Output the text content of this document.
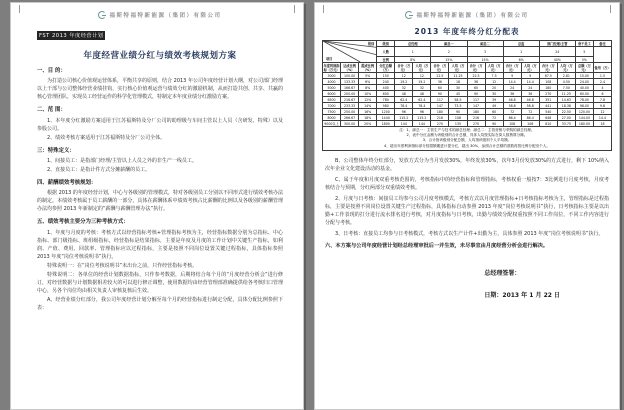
福斯特福特新能源（集团）有限公司
FST 2013 年度经营计划
年度经营业绩分红与绩效考核规划方案
一、目 的：
为打造公司核心价值观运营体系，平衡共享的原则，结合 2013 年公司年度经营计划大纲，对公司部门经理以上干部与公司整体经营业绩挂钩，实行核心价值观运营与绩效分红的激励机制，从而打造共创、共享、共赢的核心管理团队，实现员工经营运作的科学化管理模式，特制定本年度业绩分红激励方案。
二、范 围：
1、本年度分红激励方案适用于江苏福斯特及分厂公司的助理级与车间主管以上人员（含研发、特殊）以及参股公司。
2、绩效考核方案适用于江苏福斯特及分厂公司全体。
三：特殊定义：
1、间接员工：是指部门经理/主管以上人员之外的非生产一线员工。
2、直接员工：是指计件方式分摊薪酬的员工。
四、薪酬绩效考核规划：
根据 2013 的年度经营计划，中心与各级别的管理模式，特对各级别员工分别以不同形式进行绩效考核办法的制定。本绩效考核属于员工薪酬的一部分，具体在薪酬体系中绩效考核占比薪酬的比例以及各级别的薪酬管理办法均参照 2013 年新制定的“薪酬与薪酬管理办法”执行。
五、绩效考核主要分为三种考核方式：
1、年度与月度的考核：考核方式以经营指标考核+管理指标考核为主，经营指标数据分别为总指标、中心指标、部门级指标、班组级指标，经营指标是结果指标，主要是年度及月度的工作计划中关键生产指标，如利润、产值、费用、回款率、管理指标应以过程指标，主要是按照不同岗位设置关键过程指标，具体指标参照 2013 年度“岗位考核说明书”执行。
特殊说明一：在“岗位考核说明书”未出台之前，只作经营指标考核。
特殊说明二：各单位的经营计划数据指标，只作参考数据，后期将结合每个月的“月度经营分析会”进行修订，对经营数据与计划数据相差较大的可以进行修正调整，使用数据均由经营管理部准确提供给各考核归口管理中心，另各个岗位均由相关负责人审核复核后生效。
A、经营业绩分红部分，我公司年度经营计划分解至每个月的经营指标进行制定分配，具体分配比例参照下表：
福斯特福特新能源（集团）有限公司
2013 年度年终分红分配表
级别
项目			级别	总经理		副总一		副总二		总监		部门经理/主管		骨干员工	备注
			人数	1		2		3		1		24		5	
			比例	8%		15%		15%		6%		40%		5%	
年度利润指标（万元）	达成比例（%）	提成比例（%）	分红总额（万）	合计（万元）	人均（万元）	合计（万元）	人均（万元）	合计（万元）	人均（万元）	合计（万元）	人均（万元）	合计（万元）	人均（万元）	总额（万元）	备用（万）
3000	100.00	5%	150	12	12	22.5	11.25	22.5	7.5	9	9	67.5	2.81	15.00	1.5
4000	133.33	6%	240	19.2	19.2	36	18	36	12	14.4	14.4	108	4.50	24.00	2.4
5000	166.67	8%	400	32	32	60	30	60	20	24	24	180	7.50	40.00	4
6000	200.00	10%	600	48	48	90	45	90	30	36	36	270	11.25	60.00	6
6500	216.67	12%	780	62.4	62.4	117	58.5	117	39	46.8	46.8	351	14.63	78.00	7.8
7000	233.33	14%	980	78.4	78.4	147	73.5	147	49	58.8	58.8	441	18.38	98.00	9.8
7500	250.00	16%	1200	96	96	180	90	180	60	72	72	540	22.50	120.00	12
8000	266.67	18%	1440	115.2	115.2	216	108	216	72	86.4	86.4	648	27.00	144.00	14.4
9000以上	300.00	20%	1800	144	144	270	135	270	90	108	108	810	33.75	180.00	18

注：1、副总一：主管生产与技术的副总经理；副总二：主管营销与采购的副总经理。
2、表中分红金额为该级别的合计总额，具体人均按实际在岗人数核算分摊。
3、合计指该级别分配总额，人均指该级别个人平均额。
4、超出年度利润指标部分按超额累进计提分红，超出 30%，参照合计总额的基数再按比例分配至个人。															
B、公司整体年终分红部分，发放方式分为当月发放30%，年终发放30%，次年3月份发放30%的方式进行，剩下 10%纳入次年企业文化建设活动的基金。
C、属于年度和月度双重考核范围的，考核指标中的经营指标和管理指标，考核权重一般按7：3比例进行月度考核，月度考核结合与预期，分红两部分双重绩效考核。
2、月度与日考核：间接员工均参与公司月度考核模式，考核方式以月度管理指标+日考核指标考核为主，管理指标是过程指标，主要是按照不同岗位设置关键生产过程指标，具体指标自动参照 2013 年度“岗位考核说明书”执行，日考核指标主要是以出勤+工作表现的打分进行流水排名进行考核，对月度指标与日考核，出勤与绩效分配权重按照不同工作岗位，不同工作内容进行分配与考核。
3、日考核：直接员工均参与日考核模式，考核方式以生产计件+出勤为主，具体参照 2013 年度“岗位考核说明书”执行。
六、本方案与公司年度经营计划经总经理审批后一并生效，未尽事宜由月度经营分析会进行解决。
总经理签署：
日期：2013 年 1 月 22 日
